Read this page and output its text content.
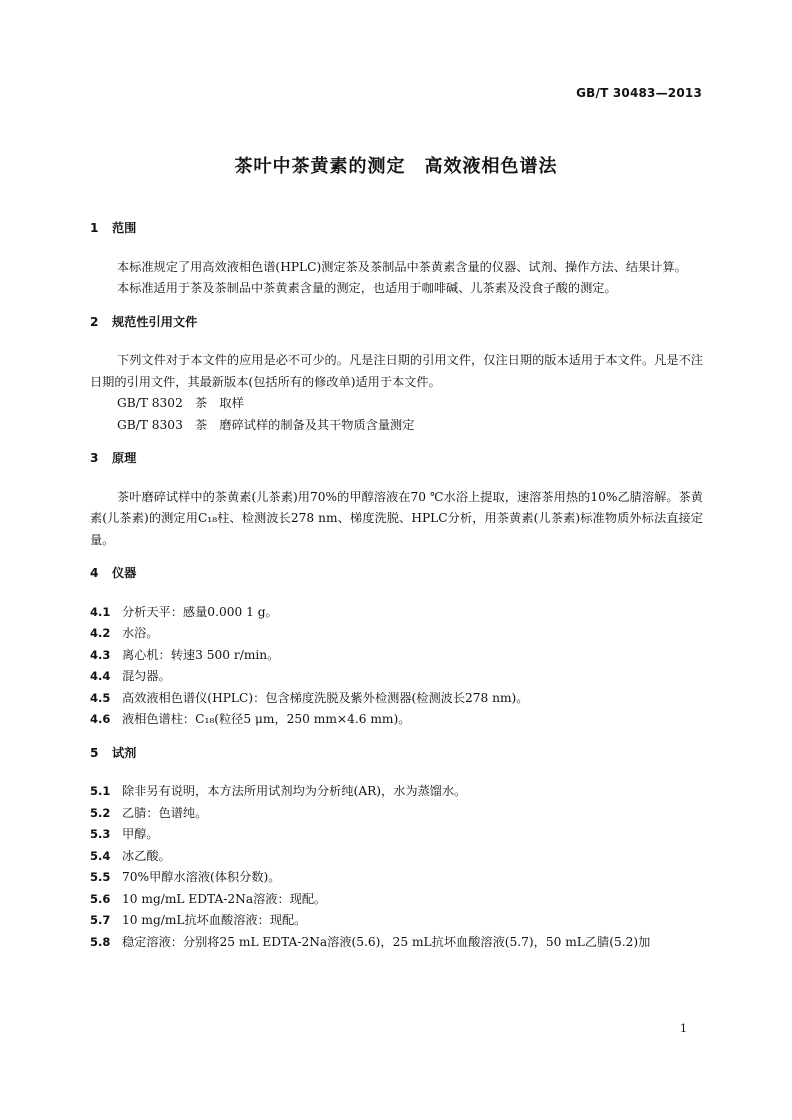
GB/T 30483—2013
茶叶中茶黄素的测定　高效液相色谱法
1 范围

本标准规定了用高效液相色谱(HPLC)测定茶及茶制品中茶黄素含量的仪器、试剂、操作方法、结果计算。

本标准适用于茶及茶制品中茶黄素含量的测定，也适用于咖啡碱、儿茶素及没食子酸的测定。

2 规范性引用文件

下列文件对于本文件的应用是必不可少的。凡是注日期的引用文件，仅注日期的版本适用于本文件。凡是不注日期的引用文件，其最新版本(包括所有的修改单)适用于本文件。

GB/T 8302　茶　取样

GB/T 8303　茶　磨碎试样的制备及其干物质含量测定

3 原理

茶叶磨碎试样中的茶黄素(儿茶素)用70%的甲醇溶液在70 ℃水浴上提取，速溶茶用热的10%乙腈溶解。茶黄素(儿茶素)的测定用C₁₈柱、检测波长278 nm、梯度洗脱、HPLC分析，用茶黄素(儿茶素)标准物质外标法直接定量。

4 仪器

4.1 分析天平：感量0.000 1 g。

4.2 水浴。

4.3 离心机：转速3 500 r/min。

4.4 混匀器。

4.5 高效液相色谱仪(HPLC)：包含梯度洗脱及紫外检测器(检测波长278 nm)。

4.6 液相色谱柱：C₁₈(粒径5 μm，250 mm×4.6 mm)。

5 试剂

5.1 除非另有说明，本方法所用试剂均为分析纯(AR)，水为蒸馏水。

5.2 乙腈：色谱纯。

5.3 甲醇。

5.4 冰乙酸。

5.5 70%甲醇水溶液(体积分数)。

5.6 10 mg/mL EDTA-2Na溶液：现配。

5.7 10 mg/mL抗坏血酸溶液：现配。

5.8 稳定溶液：分别将25 mL EDTA-2Na溶液(5.6)，25 mL抗坏血酸溶液(5.7)，50 mL乙腈(5.2)加

1
